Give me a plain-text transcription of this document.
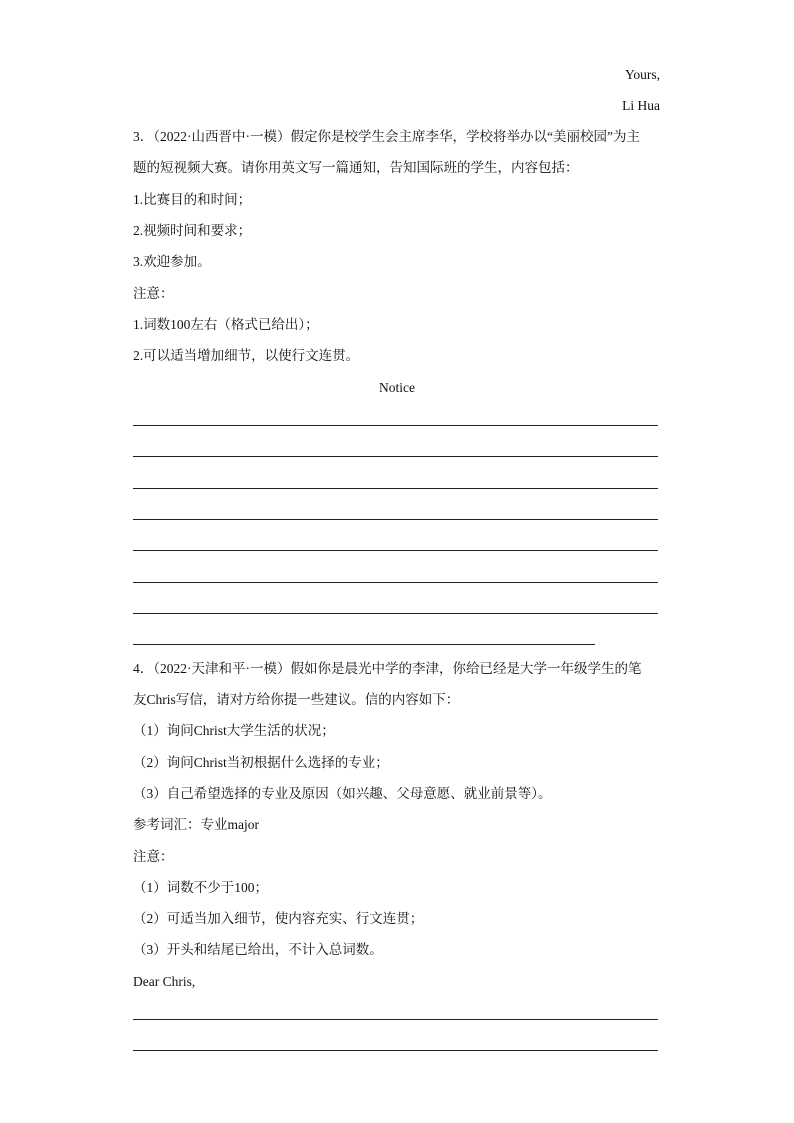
Yours,
Li Hua
3．（2022·山西晋中·一模）假定你是校学生会主席李华，学校将举办以“美丽校园”为主
题的短视频大赛。请你用英文写一篇通知，告知国际班的学生，内容包括：
1.比赛目的和时间；
2.视频时间和要求；
3.欢迎参加。
注意：
1.词数100左右（格式已给出）；
2.可以适当增加细节，以使行文连贯。
Notice
4．（2022·天津和平·一模）假如你是晨光中学的李津，你给已经是大学一年级学生的笔
友Chris写信，请对方给你提一些建议。信的内容如下：
（1）询问Christ大学生活的状况；
（2）询问Christ当初根据什么选择的专业；
（3）自己希望选择的专业及原因（如兴趣、父母意愿、就业前景等）。
参考词汇：专业major
注意：
（1）词数不少于100；
（2）可适当加入细节，使内容充实、行文连贯；
（3）开头和结尾已给出，不计入总词数。
Dear Chris,
